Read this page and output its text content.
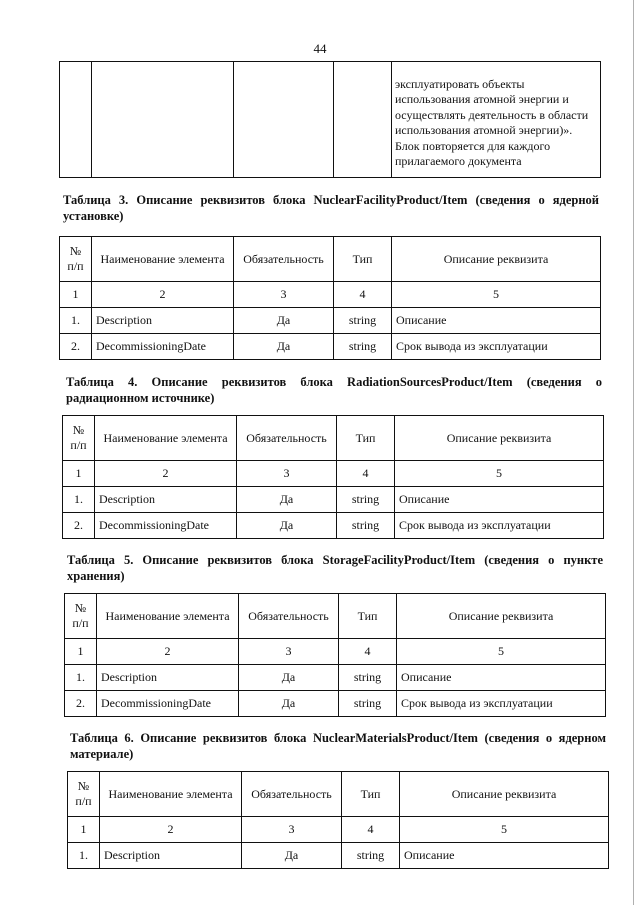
44
				эксплуатировать объекты использования атомной энергии и осуществлять деятельность в области использования атомной энергии)».
Блок повторяется для каждого прилагаемого документа
Таблица 3. Описание реквизитов блока NuclearFacilityProduct/Item (сведения о ядерной установке)
№ п/п	Наименование элемента	Обязательность	Тип	Описание реквизита
1	2	3	4	5
1.	Description	Да	string	Описание
2.	DecommissioningDate	Да	string	Срок вывода из эксплуатации
Таблица 4. Описание реквизитов блока RadiationSourcesProduct/Item (сведения о радиационном источнике)
№ п/п	Наименование элемента	Обязательность	Тип	Описание реквизита
1	2	3	4	5
1.	Description	Да	string	Описание
2.	DecommissioningDate	Да	string	Срок вывода из эксплуатации
Таблица 5. Описание реквизитов блока StorageFacilityProduct/Item (сведения о пункте хранения)
№ п/п	Наименование элемента	Обязательность	Тип	Описание реквизита
1	2	3	4	5
1.	Description	Да	string	Описание
2.	DecommissioningDate	Да	string	Срок вывода из эксплуатации
Таблица 6. Описание реквизитов блока NuclearMaterialsProduct/Item (сведения о ядерном материале)
№ п/п	Наименование элемента	Обязательность	Тип	Описание реквизита
1	2	3	4	5
1.	Description	Да	string	Описание
